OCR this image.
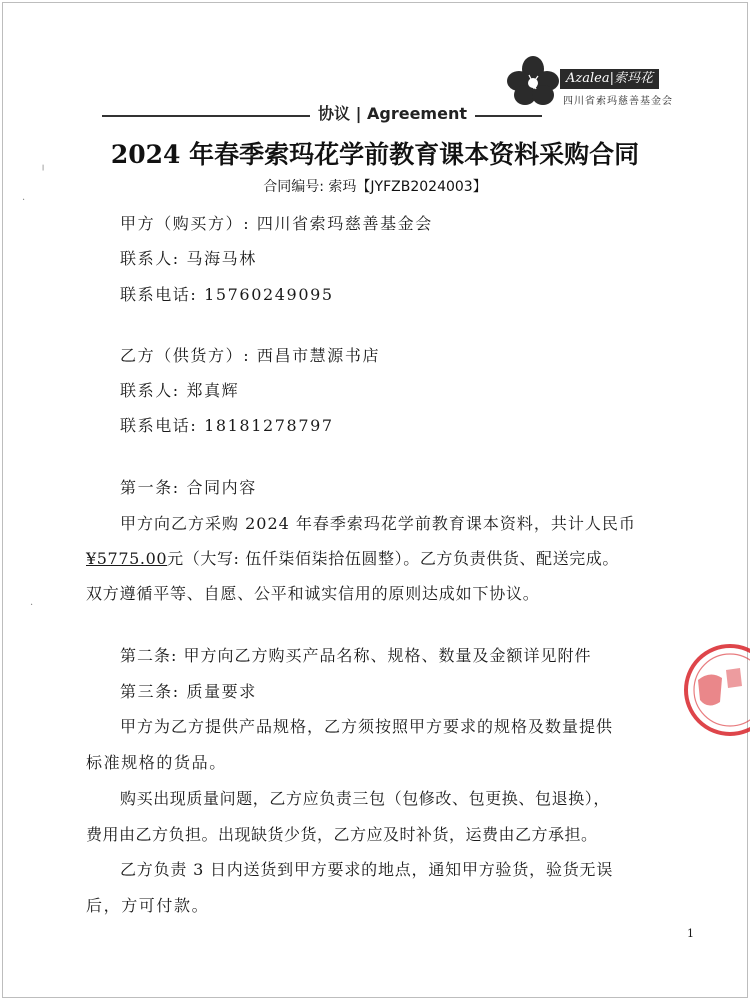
Azalea|索玛花
四川省索玛慈善基金会
协议 | Agreement
2024 年春季索玛花学前教育课本资料采购合同
合同编号: 索玛【JYFZB2024003】
甲方（购买方）: 四川省索玛慈善基金会
联系人: 马海马林
联系电话: 15760249095
乙方（供货方）: 西昌市慧源书店
联系人: 郑真辉
联系电话: 18181278797
第一条: 合同内容
甲方向乙方采购 2024 年春季索玛花学前教育课本资料，共计人民币
¥5775.00元（大写: 伍仟柒佰柒拾伍圆整）。乙方负责供货、配送完成。
双方遵循平等、自愿、公平和诚实信用的原则达成如下协议。
第二条: 甲方向乙方购买产品名称、规格、数量及金额详见附件
第三条: 质量要求
甲方为乙方提供产品规格，乙方须按照甲方要求的规格及数量提供
标准规格的货品。
购买出现质量问题，乙方应负责三包（包修改、包更换、包退换），
费用由乙方负担。出现缺货少货，乙方应及时补货，运费由乙方承担。
乙方负责 3 日内送货到甲方要求的地点，通知甲方验货，验货无误
后，方可付款。
1
╷
·
·
